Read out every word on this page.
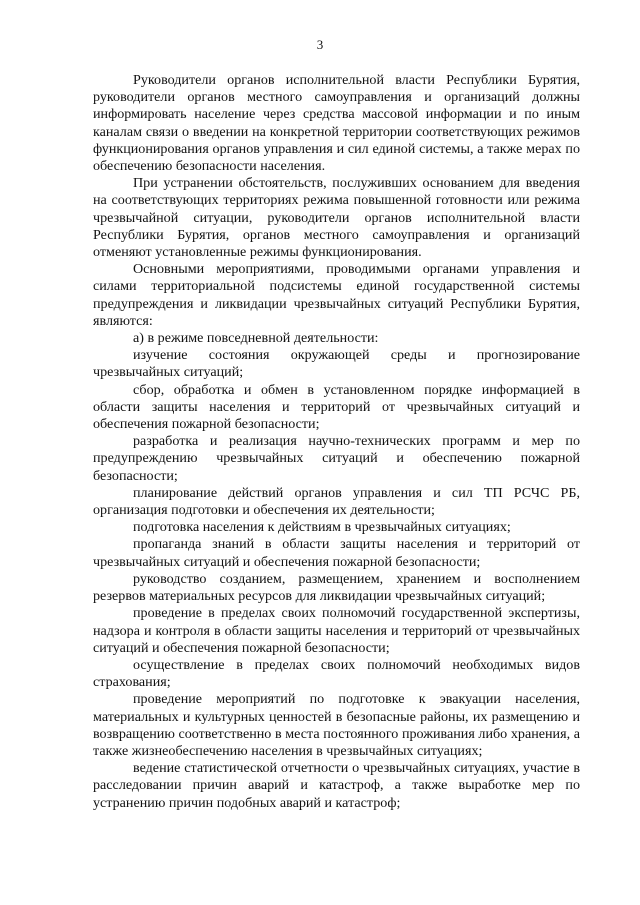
3

Руководители органов исполнительной власти Республики Бурятия, руководители органов местного самоуправления и организаций должны информировать население через средства массовой информации и по иным каналам связи о введении на конкретной территории соответствующих режимов функционирования органов управления и сил единой системы, а также мерах по обеспечению безопасности населения.

При устранении обстоятельств, послуживших основанием для введения на соответствующих территориях режима повышенной готовности или режима чрезвычайной ситуации, руководители органов исполнительной власти Республики Бурятия, органов местного самоуправления и организаций отменяют установленные режимы функционирования.

Основными мероприятиями, проводимыми органами управления и силами территориальной подсистемы единой государственной системы предупреждения и ликвидации чрезвычайных ситуаций Республики Бурятия, являются:

а) в режиме повседневной деятельности:

изучение состояния окружающей среды и прогнозирование чрезвычайных ситуаций;

сбор, обработка и обмен в установленном порядке информацией в области защиты населения и территорий от чрезвычайных ситуаций и обеспечения пожарной безопасности;

разработка и реализация научно-технических программ и мер по предупреждению чрезвычайных ситуаций и обеспечению пожарной безопасности;

планирование действий органов управления и сил ТП РСЧС РБ, организация подготовки и обеспечения их деятельности;

подготовка населения к действиям в чрезвычайных ситуациях;

пропаганда знаний в области защиты населения и территорий от чрезвычайных ситуаций и обеспечения пожарной безопасности;

руководство созданием, размещением, хранением и восполнением резервов материальных ресурсов для ликвидации чрезвычайных ситуаций;

проведение в пределах своих полномочий государственной экспертизы, надзора и контроля в области защиты населения и территорий от чрезвычайных ситуаций и обеспечения пожарной безопасности;

осуществление в пределах своих полномочий необходимых видов страхования;

проведение мероприятий по подготовке к эвакуации населения, материальных и культурных ценностей в безопасные районы, их размещению и возвращению соответственно в места постоянного проживания либо хранения, а также жизнеобеспечению населения в чрезвычайных ситуациях;

ведение статистической отчетности о чрезвычайных ситуациях, участие в расследовании причин аварий и катастроф, а также выработке мер по устранению причин подобных аварий и катастроф;
